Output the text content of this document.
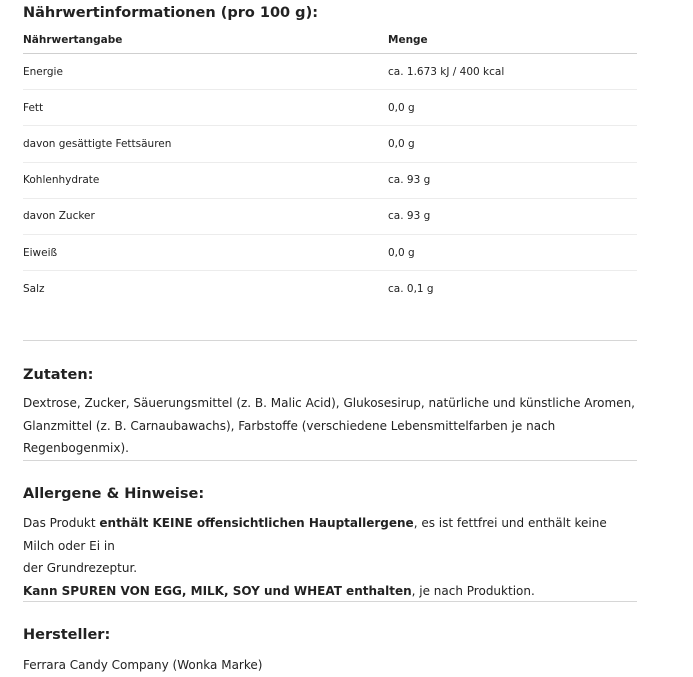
Nährwertinformationen (pro 100 g):
Nährwertangabe	Menge
Energie	ca. 1.673 kJ / 400 kcal
Fett	0,0 g
davon gesättigte Fettsäuren	0,0 g
Kohlenhydrate	ca. 93 g
davon Zucker	ca. 93 g
Eiweiß	0,0 g
Salz	ca. 0,1 g
Zutaten:
Dextrose, Zucker, Säuerungsmittel (z. B. Malic Acid), Glukosesirup, natürliche und künstliche Aromen,
Glanzmittel (z. B. Carnaubawachs), Farbstoffe (verschiedene Lebensmittelfarben je nach Regenbogenmix).
Allergene & Hinweise:
Das Produkt enthält KEINE offensichtlichen Hauptallergene, es ist fettfrei und enthält keine Milch oder Ei in
der Grundrezeptur.
Kann SPUREN VON EGG, MILK, SOY und WHEAT enthalten, je nach Produktion.
Hersteller:
Ferrara Candy Company (Wonka Marke)
